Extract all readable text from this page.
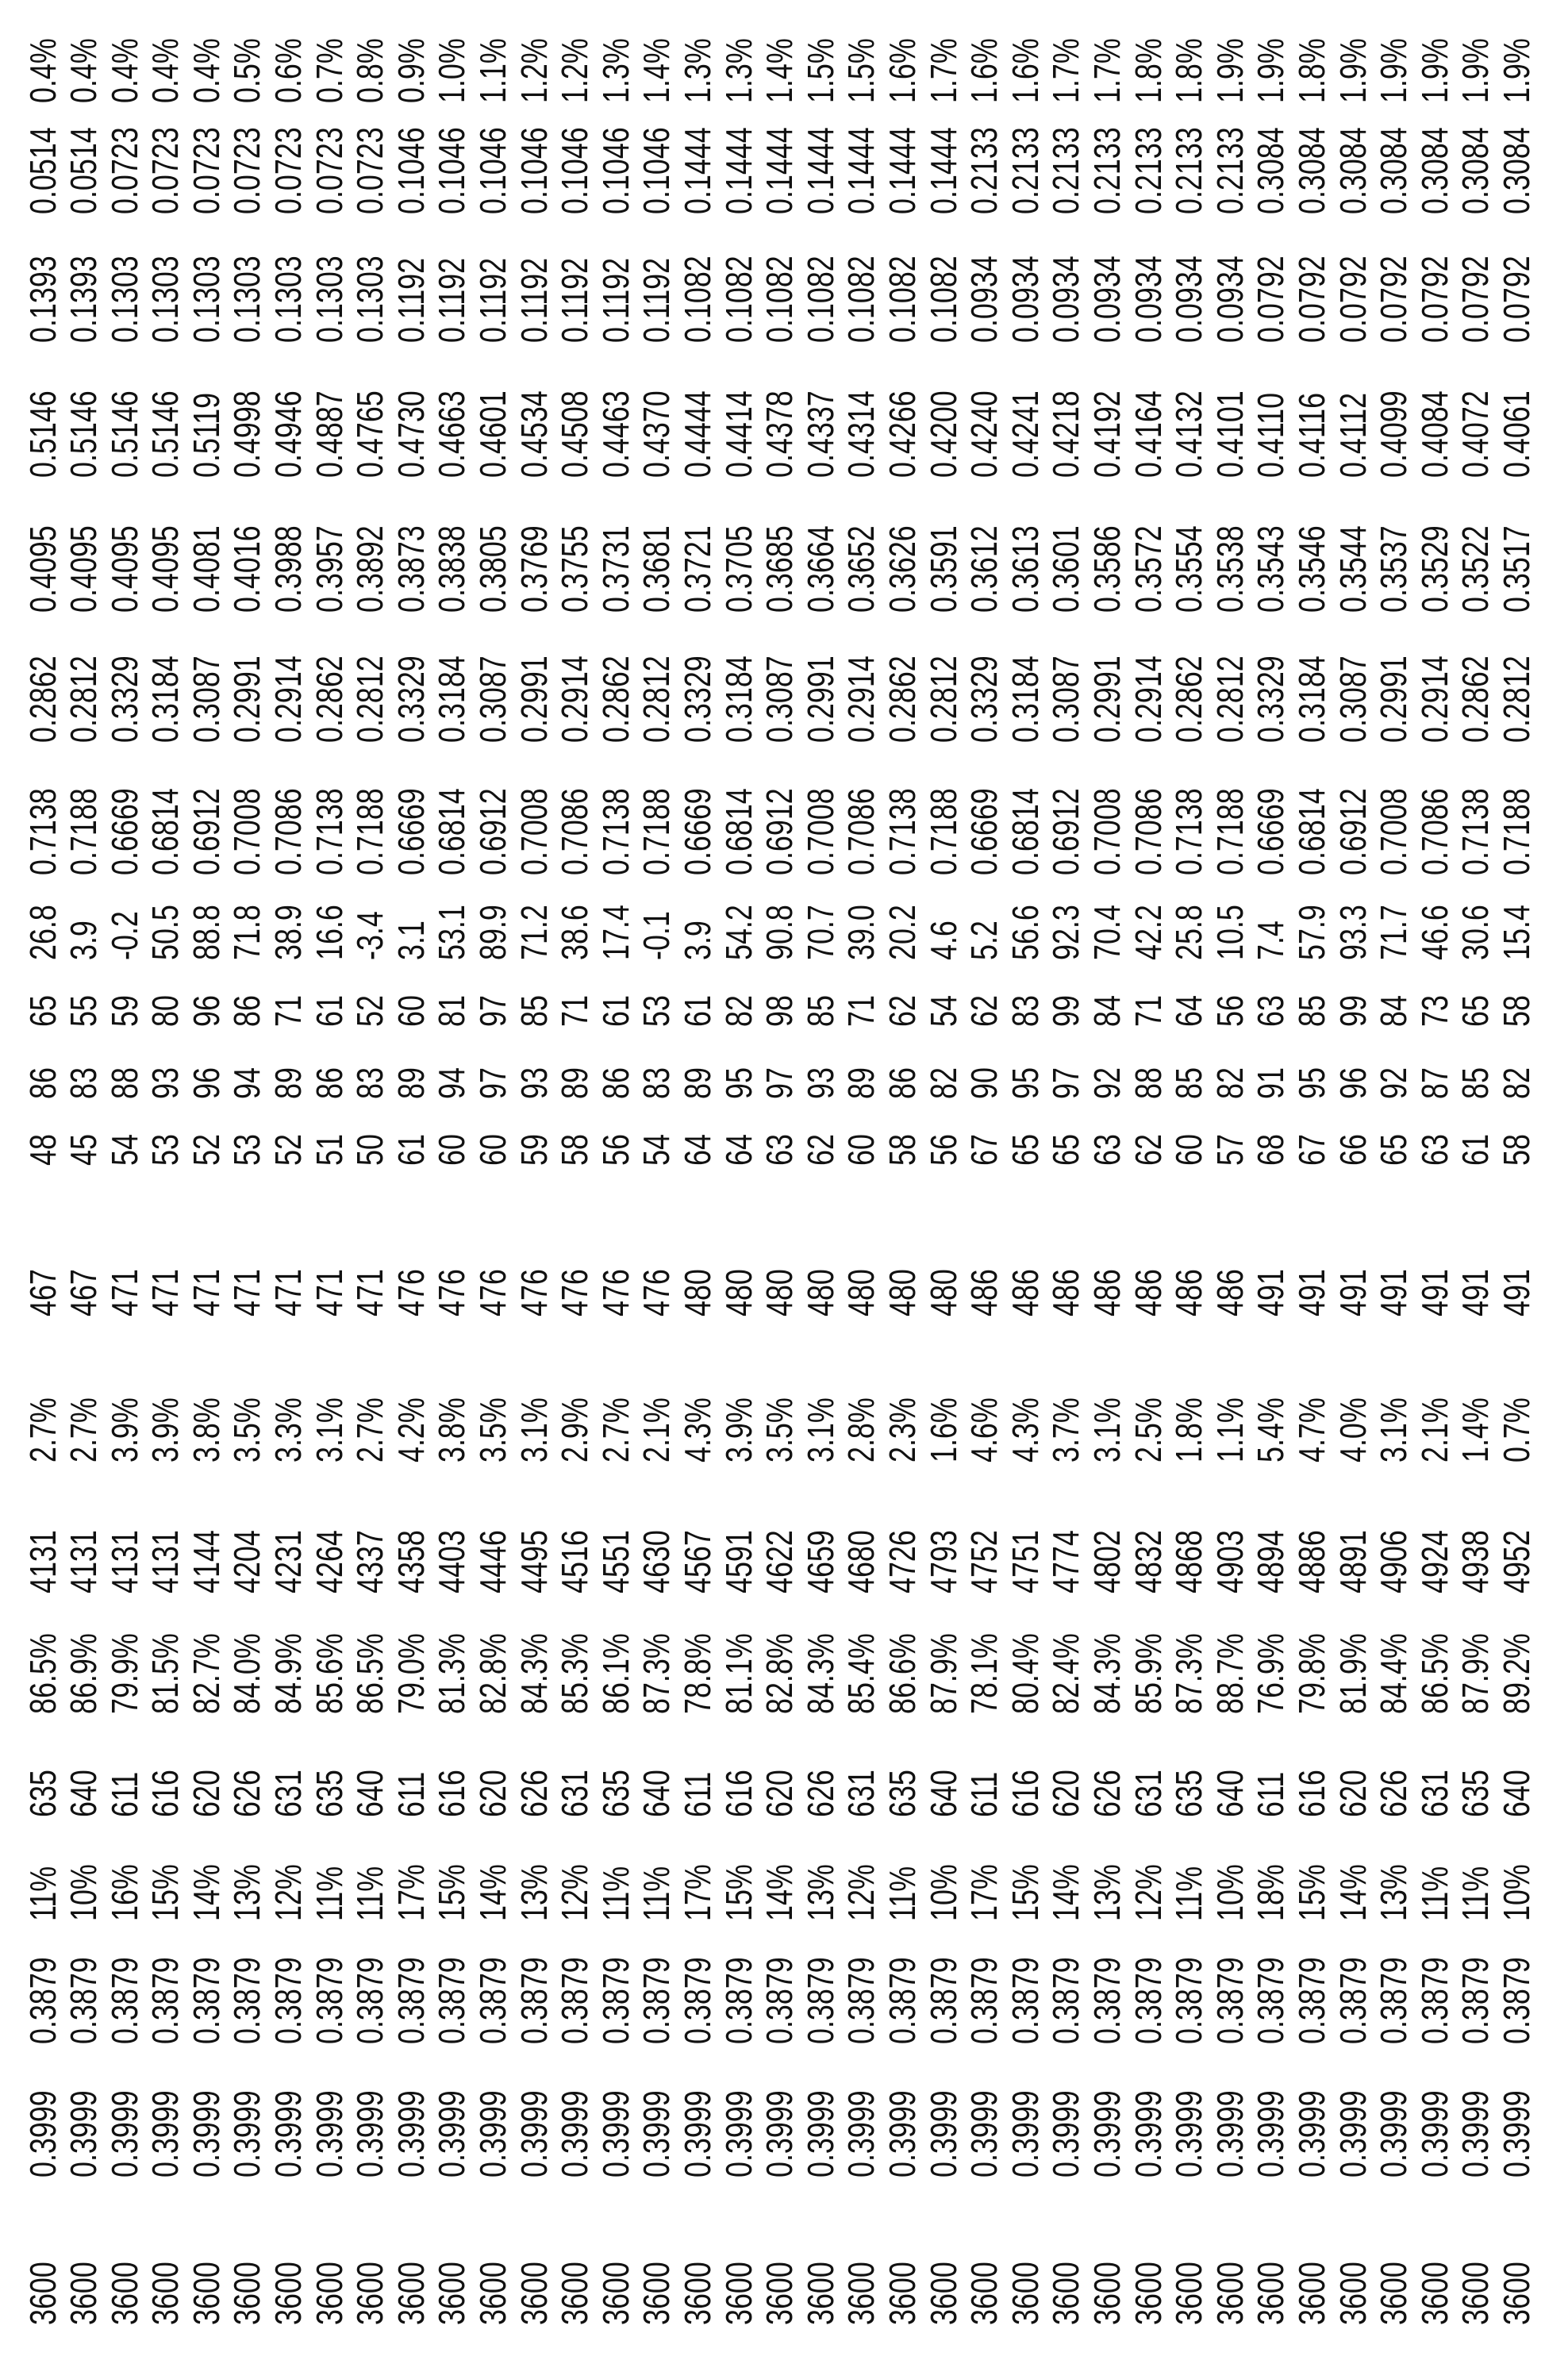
3600
0.3999
0.3879
11%
635
86.5%
4131
2.7%
467
48
86
65
26.8
0.7138
0.2862
0.4095
0.5146
0.1393
0.0514
0.4%
3600
0.3999
0.3879
10%
640
86.9%
4131
2.7%
467
45
83
55
3.9
0.7188
0.2812
0.4095
0.5146
0.1393
0.0514
0.4%
3600
0.3999
0.3879
16%
611
79.9%
4131
3.9%
471
54
88
59
-0.2
0.6669
0.3329
0.4095
0.5146
0.1303
0.0723
0.4%
3600
0.3999
0.3879
15%
616
81.5%
4131
3.9%
471
53
93
80
50.5
0.6814
0.3184
0.4095
0.5146
0.1303
0.0723
0.4%
3600
0.3999
0.3879
14%
620
82.7%
4144
3.8%
471
52
96
96
88.8
0.6912
0.3087
0.4081
0.5119
0.1303
0.0723
0.4%
3600
0.3999
0.3879
13%
626
84.0%
4204
3.5%
471
53
94
86
71.8
0.7008
0.2991
0.4016
0.4998
0.1303
0.0723
0.5%
3600
0.3999
0.3879
12%
631
84.9%
4231
3.3%
471
52
89
71
38.9
0.7086
0.2914
0.3988
0.4946
0.1303
0.0723
0.6%
3600
0.3999
0.3879
11%
635
85.6%
4264
3.1%
471
51
86
61
16.6
0.7138
0.2862
0.3957
0.4887
0.1303
0.0723
0.7%
3600
0.3999
0.3879
11%
640
86.5%
4337
2.7%
471
50
83
52
-3.4
0.7188
0.2812
0.3892
0.4765
0.1303
0.0723
0.8%
3600
0.3999
0.3879
17%
611
79.0%
4358
4.2%
476
61
89
60
3.1
0.6669
0.3329
0.3873
0.4730
0.1192
0.1046
0.9%
3600
0.3999
0.3879
15%
616
81.3%
4403
3.8%
476
60
94
81
53.1
0.6814
0.3184
0.3838
0.4663
0.1192
0.1046
1.0%
3600
0.3999
0.3879
14%
620
82.8%
4446
3.5%
476
60
97
97
89.9
0.6912
0.3087
0.3805
0.4601
0.1192
0.1046
1.1%
3600
0.3999
0.3879
13%
626
84.3%
4495
3.1%
476
59
93
85
71.2
0.7008
0.2991
0.3769
0.4534
0.1192
0.1046
1.2%
3600
0.3999
0.3879
12%
631
85.3%
4516
2.9%
476
58
89
71
38.6
0.7086
0.2914
0.3755
0.4508
0.1192
0.1046
1.2%
3600
0.3999
0.3879
11%
635
86.1%
4551
2.7%
476
56
86
61
17.4
0.7138
0.2862
0.3731
0.4463
0.1192
0.1046
1.3%
3600
0.3999
0.3879
11%
640
87.3%
4630
2.1%
476
54
83
53
-0.1
0.7188
0.2812
0.3681
0.4370
0.1192
0.1046
1.4%
3600
0.3999
0.3879
17%
611
78.8%
4567
4.3%
480
64
89
61
3.9
0.6669
0.3329
0.3721
0.4444
0.1082
0.1444
1.3%
3600
0.3999
0.3879
15%
616
81.1%
4591
3.9%
480
64
95
82
54.2
0.6814
0.3184
0.3705
0.4414
0.1082
0.1444
1.3%
3600
0.3999
0.3879
14%
620
82.8%
4622
3.5%
480
63
97
98
90.8
0.6912
0.3087
0.3685
0.4378
0.1082
0.1444
1.4%
3600
0.3999
0.3879
13%
626
84.3%
4659
3.1%
480
62
93
85
70.7
0.7008
0.2991
0.3664
0.4337
0.1082
0.1444
1.5%
3600
0.3999
0.3879
12%
631
85.4%
4680
2.8%
480
60
89
71
39.0
0.7086
0.2914
0.3652
0.4314
0.1082
0.1444
1.5%
3600
0.3999
0.3879
11%
635
86.6%
4726
2.3%
480
58
86
62
20.2
0.7138
0.2862
0.3626
0.4266
0.1082
0.1444
1.6%
3600
0.3999
0.3879
10%
640
87.9%
4793
1.6%
480
56
82
54
4.6
0.7188
0.2812
0.3591
0.4200
0.1082
0.1444
1.7%
3600
0.3999
0.3879
17%
611
78.1%
4752
4.6%
486
67
90
62
5.2
0.6669
0.3329
0.3612
0.4240
0.0934
0.2133
1.6%
3600
0.3999
0.3879
15%
616
80.4%
4751
4.3%
486
65
95
83
56.6
0.6814
0.3184
0.3613
0.4241
0.0934
0.2133
1.6%
3600
0.3999
0.3879
14%
620
82.4%
4774
3.7%
486
65
97
99
92.3
0.6912
0.3087
0.3601
0.4218
0.0934
0.2133
1.7%
3600
0.3999
0.3879
13%
626
84.3%
4802
3.1%
486
63
92
84
70.4
0.7008
0.2991
0.3586
0.4192
0.0934
0.2133
1.7%
3600
0.3999
0.3879
12%
631
85.9%
4832
2.5%
486
62
88
71
42.2
0.7086
0.2914
0.3572
0.4164
0.0934
0.2133
1.8%
3600
0.3999
0.3879
11%
635
87.3%
4868
1.8%
486
60
85
64
25.8
0.7138
0.2862
0.3554
0.4132
0.0934
0.2133
1.8%
3600
0.3999
0.3879
10%
640
88.7%
4903
1.1%
486
57
82
56
10.5
0.7188
0.2812
0.3538
0.4101
0.0934
0.2133
1.9%
3600
0.3999
0.3879
18%
611
76.9%
4894
5.4%
491
68
91
63
7.4
0.6669
0.3329
0.3543
0.4110
0.0792
0.3084
1.9%
3600
0.3999
0.3879
15%
616
79.8%
4886
4.7%
491
67
95
85
57.9
0.6814
0.3184
0.3546
0.4116
0.0792
0.3084
1.8%
3600
0.3999
0.3879
14%
620
81.9%
4891
4.0%
491
66
96
99
93.3
0.6912
0.3087
0.3544
0.4112
0.0792
0.3084
1.9%
3600
0.3999
0.3879
13%
626
84.4%
4906
3.1%
491
65
92
84
71.7
0.7008
0.2991
0.3537
0.4099
0.0792
0.3084
1.9%
3600
0.3999
0.3879
11%
631
86.5%
4924
2.1%
491
63
87
73
46.6
0.7086
0.2914
0.3529
0.4084
0.0792
0.3084
1.9%
3600
0.3999
0.3879
11%
635
87.9%
4938
1.4%
491
61
85
65
30.6
0.7138
0.2862
0.3522
0.4072
0.0792
0.3084
1.9%
3600
0.3999
0.3879
10%
640
89.2%
4952
0.7%
491
58
82
58
15.4
0.7188
0.2812
0.3517
0.4061
0.0792
0.3084
1.9%
